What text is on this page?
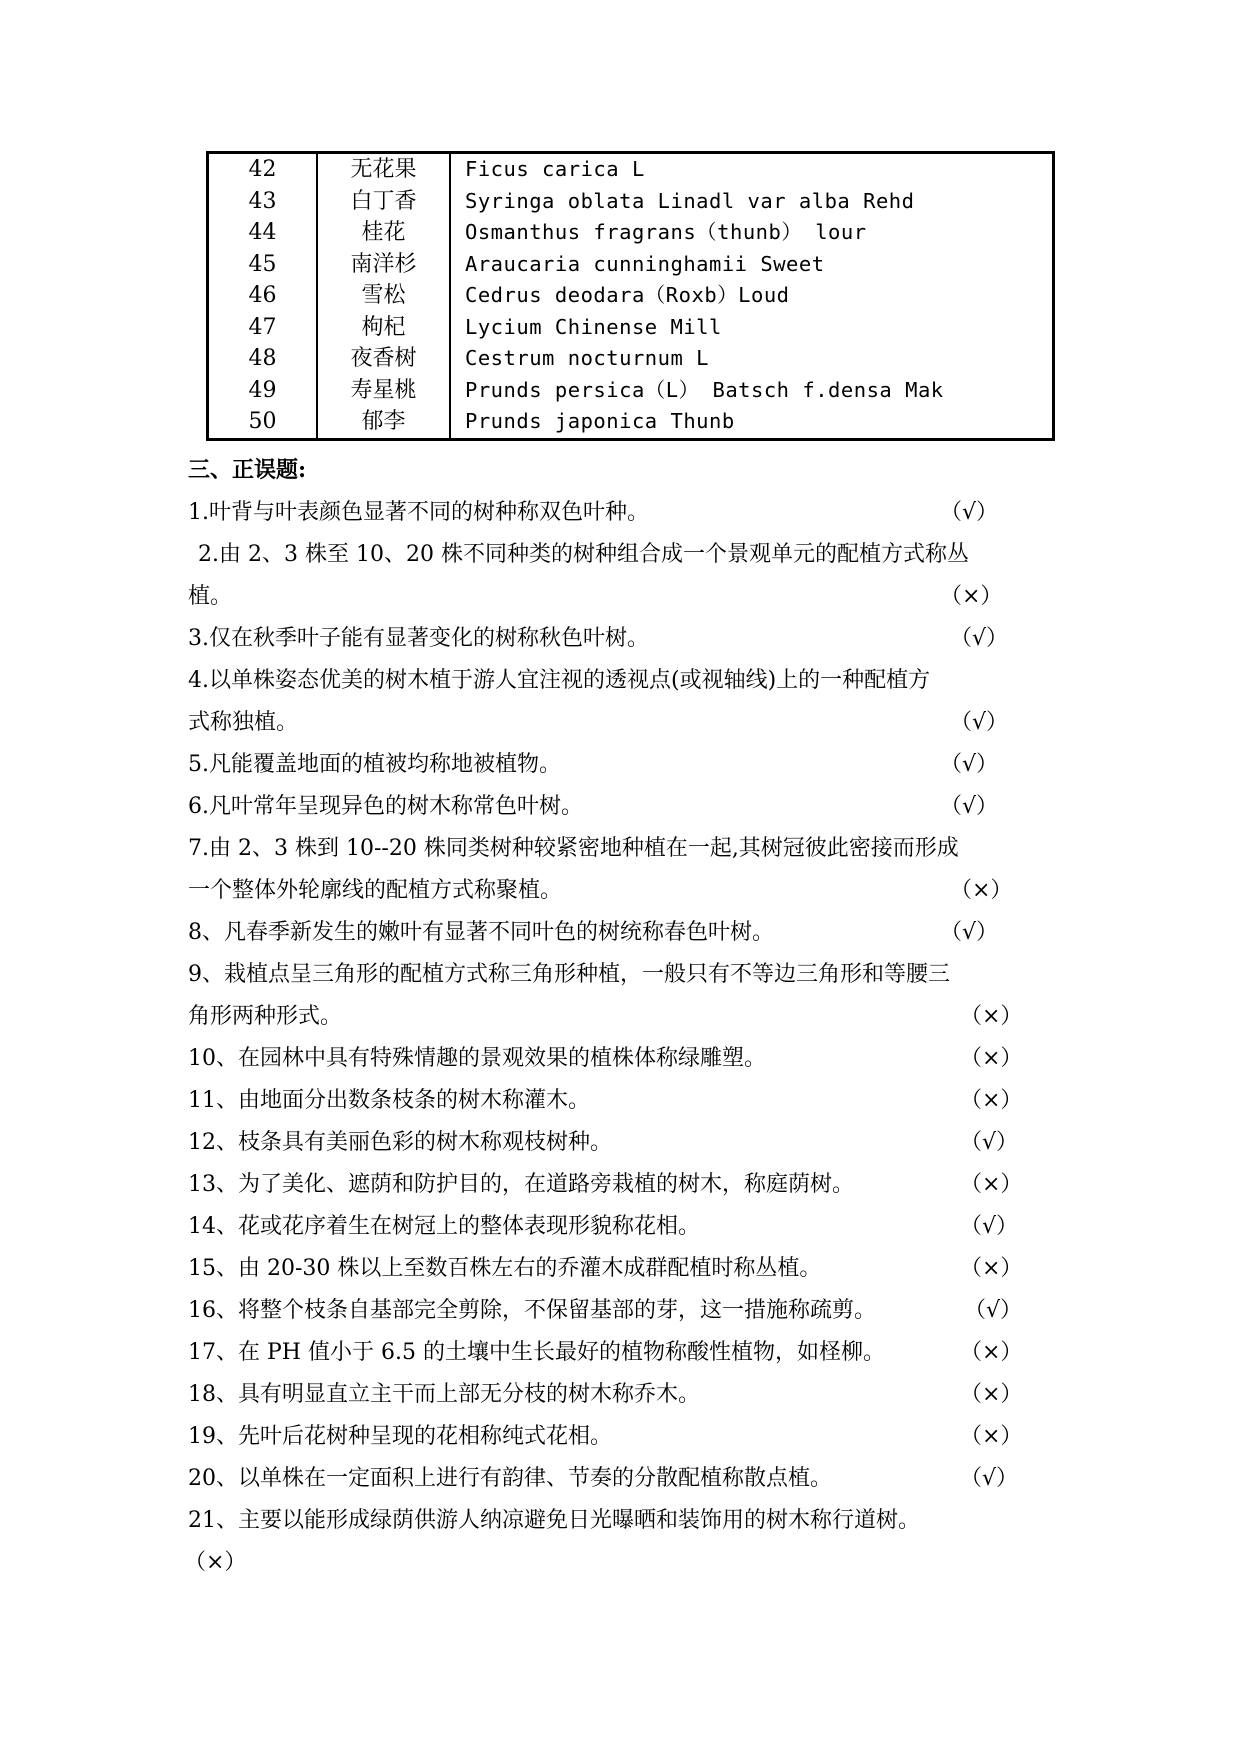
42	无花果	Ficus carica L
43	白丁香	Syringa oblata Linadl var alba Rehd
44	桂花	Osmanthus fragrans（thunb） lour
45	南洋杉	Araucaria cunninghamii Sweet
46	雪松	Cedrus deodara（Roxb）Loud
47	枸杞	Lycium Chinense Mill
48	夜香树	Cestrum nocturnum L
49	寿星桃	Prunds persica（L） Batsch f.densa Mak
50	郁李	Prunds japonica Thunb
三、正误题:
1.叶背与叶表颜色显著不同的树种称双色叶种。	（√）
2.由 2、3 株至 10、20 株不同种类的树种组合成一个景观单元的配植方式称丛
植。	（×）
3.仅在秋季叶子能有显著变化的树称秋色叶树。	（√）
4.以单株姿态优美的树木植于游人宜注视的透视点(或视轴线)上的一种配植方
式称独植。	（√）
5.凡能覆盖地面的植被均称地被植物。	（√）
6.凡叶常年呈现异色的树木称常色叶树。	（√）
7.由 2、3 株到 10--20 株同类树种较紧密地种植在一起,其树冠彼此密接而形成
一个整体外轮廓线的配植方式称聚植。	（×）
8、凡春季新发生的嫩叶有显著不同叶色的树统称春色叶树。	（√）
9、栽植点呈三角形的配植方式称三角形种植，一般只有不等边三角形和等腰三
角形两种形式。	（×）
10、在园林中具有特殊情趣的景观效果的植株体称绿雕塑。	（×）
11、由地面分出数条枝条的树木称灌木。	（×）
12、枝条具有美丽色彩的树木称观枝树种。	（√）
13、为了美化、遮荫和防护目的，在道路旁栽植的树木，称庭荫树。	（×）
14、花或花序着生在树冠上的整体表现形貌称花相。	（√）
15、由 20-30 株以上至数百株左右的乔灌木成群配植时称丛植。	（×）
16、将整个枝条自基部完全剪除，不保留基部的芽，这一措施称疏剪。	（√）
17、在 PH 值小于 6.5 的土壤中生长最好的植物称酸性植物，如柽柳。	（×）
18、具有明显直立主干而上部无分枝的树木称乔木。	（×）
19、先叶后花树种呈现的花相称纯式花相。	（×）
20、以单株在一定面积上进行有韵律、节奏的分散配植称散点植。	（√）
21、主要以能形成绿荫供游人纳凉避免日光曝晒和装饰用的树木称行道树。
（×）
